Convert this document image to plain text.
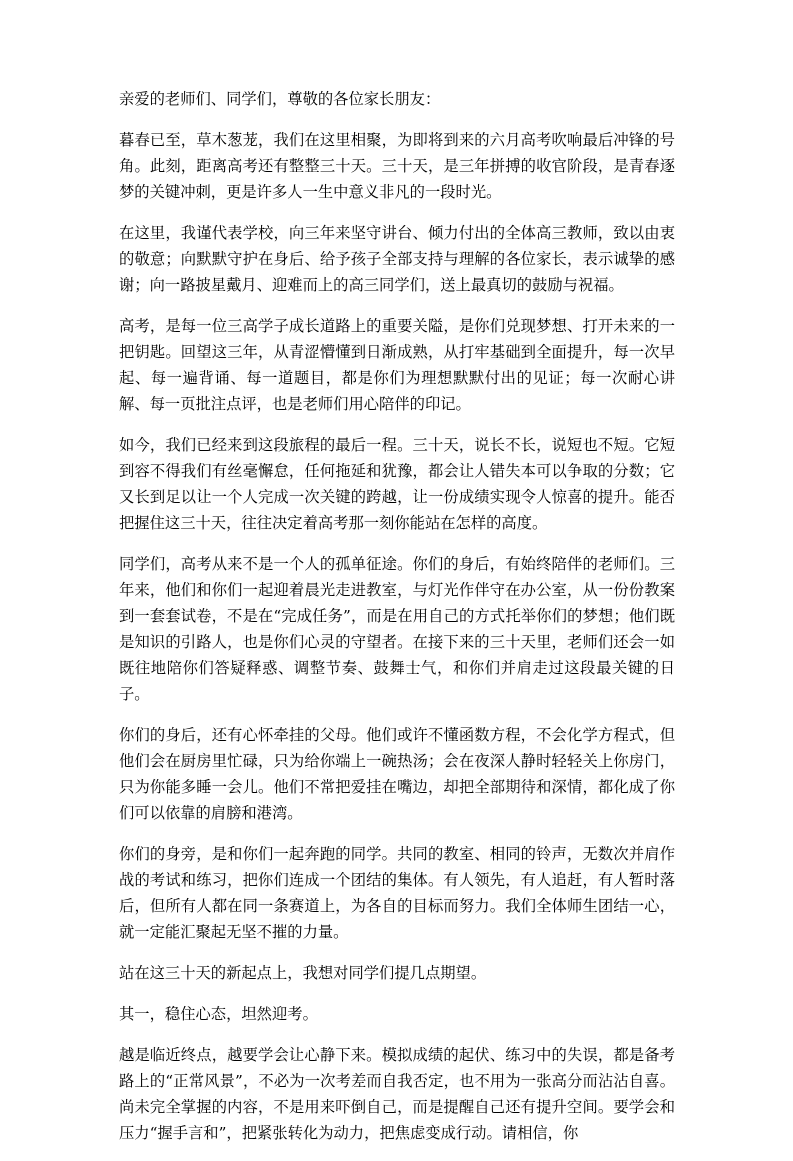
亲爱的老师们、同学们，尊敬的各位家长朋友：

暮春已至，草木葱茏，我们在这里相聚，为即将到来的六月高考吹响最后冲锋的号角。此刻，距离高考还有整整三十天。三十天，是三年拼搏的收官阶段，是青春逐梦的关键冲刺，更是许多人一生中意义非凡的一段时光。

在这里，我谨代表学校，向三年来坚守讲台、倾力付出的全体高三教师，致以由衷的敬意；向默默守护在身后、给予孩子全部支持与理解的各位家长，表示诚挚的感谢；向一路披星戴月、迎难而上的高三同学们，送上最真切的鼓励与祝福。

高考，是每一位三高学子成长道路上的重要关隘，是你们兑现梦想、打开未来的一把钥匙。回望这三年，从青涩懵懂到日渐成熟，从打牢基础到全面提升，每一次早起、每一遍背诵、每一道题目，都是你们为理想默默付出的见证；每一次耐心讲解、每一页批注点评，也是老师们用心陪伴的印记。

如今，我们已经来到这段旅程的最后一程。三十天，说长不长，说短也不短。它短到容不得我们有丝毫懈怠，任何拖延和犹豫，都会让人错失本可以争取的分数；它又长到足以让一个人完成一次关键的跨越，让一份成绩实现令人惊喜的提升。能否把握住这三十天，往往决定着高考那一刻你能站在怎样的高度。

同学们，高考从来不是一个人的孤单征途。你们的身后，有始终陪伴的老师们。三年来，他们和你们一起迎着晨光走进教室，与灯光作伴守在办公室，从一份份教案到一套套试卷，不是在“完成任务”，而是在用自己的方式托举你们的梦想；他们既是知识的引路人，也是你们心灵的守望者。在接下来的三十天里，老师们还会一如既往地陪你们答疑释惑、调整节奏、鼓舞士气，和你们并肩走过这段最关键的日子。

你们的身后，还有心怀牵挂的父母。他们或许不懂函数方程，不会化学方程式，但他们会在厨房里忙碌，只为给你端上一碗热汤；会在夜深人静时轻轻关上你房门，只为你能多睡一会儿。他们不常把爱挂在嘴边，却把全部期待和深情，都化成了你们可以依靠的肩膀和港湾。

你们的身旁，是和你们一起奔跑的同学。共同的教室、相同的铃声，无数次并肩作战的考试和练习，把你们连成一个团结的集体。有人领先，有人追赶，有人暂时落后，但所有人都在同一条赛道上，为各自的目标而努力。我们全体师生团结一心，就一定能汇聚起无坚不摧的力量。

站在这三十天的新起点上，我想对同学们提几点期望。

其一，稳住心态，坦然迎考。

越是临近终点，越要学会让心静下来。模拟成绩的起伏、练习中的失误，都是备考路上的“正常风景”，不必为一次考差而自我否定，也不用为一张高分而沾沾自喜。尚未完全掌握的内容，不是用来吓倒自己，而是提醒自己还有提升空间。要学会和压力“握手言和”，把紧张转化为动力，把焦虑变成行动。请相信，你
